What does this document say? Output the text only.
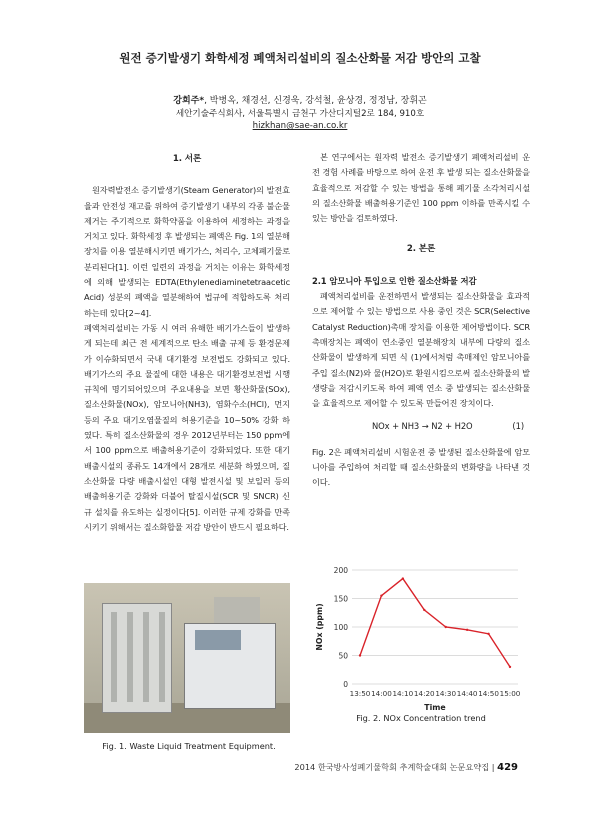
원전 증기발생기 화학세정 폐액처리설비의 질소산화물 저감 방안의 고찰
강희주*, 박병옥, 채경선, 신경욱, 강석철, 윤상경, 정정남, 장휘곤
세안기술주식회사, 서울특별시 금천구 가산디지털2로 184, 910호
hizkhan@sae-an.co.kr
1. 서론
원자력발전소 증기발생기(Steam Generator)의 발전효율과 안전성 재고를 위하여 증기발생기 내부의 각종 불순물 제거는 주기적으로 화학약품을 이용하여 세정하는 과정을 거치고 있다. 화학세정 후 발생되는 폐액은 Fig. 1의 열분해 장치를 이용 열분해시키면 배기가스, 처리수, 고체폐기물로 분리된다[1]. 이런 일련의 과정을 거치는 이유는 화학세정에 의해 발생되는 EDTA(Ethylenediaminetetraacetic Acid) 성분의 폐액을 열분해하여 법규에 적합하도록 처리하는데 있다[2~4].
폐액처리설비는 가동 시 여러 유해한 배기가스들이 발생하게 되는데 최근 전 세계적으로 탄소 배출 규제 등 환경문제가 이슈화되면서 국내 대기환경 보전법도 강화되고 있다. 배기가스의 주요 물질에 대한 내용은 대기환경보전법 시행규칙에 명기되어있으며 주요내용을 보면 황산화물(SOx), 질소산화물(NOx), 암모니아(NH3), 염화수소(HCl), 먼지 등의 주요 대기오염물질의 허용기준을 10~50% 강화 하였다. 특히 질소산화물의 경우 2012년부터는 150 ppm에서 100 ppm으로 배출허용기준이 강화되었다. 또한 대기배출시설의 종류도 14개에서 28개로 세분화 하였으며, 질소산화물 다량 배출시설인 대형 발전시설 및 보일러 등의 배출허용기준 강화와 더불어 탈질시설(SCR 및 SNCR) 신규 설치를 유도하는 실정이다[5]. 이러한 규제 강화를 만족시키기 위해서는 질소화합물 저감 방안이 반드시 필요하다.
Fig. 1. Waste Liquid Treatment Equipment.
본 연구에서는 원자력 발전소 증기발생기 폐액처리설비 운전 경험 사례를 바탕으로 하여 운전 후 발생 되는 질소산화물을 효율적으로 저감할 수 있는 방법을 통해 폐기물 소각처리시설의 질소산화물 배출허용기준인 100 ppm 이하를 만족시킬 수 있는 방안을 검토하였다.
2. 본론
2.1 암모니아 투입으로 인한 질소산화물 저감
폐액처리설비를 운전하면서 발생되는 질소산화물을 효과적으로 제어할 수 있는 방법으로 사용 중인 것은 SCR(Selective Catalyst Reduction)촉매 장치를 이용한 제어방법이다. SCR 촉매장치는 폐액이 연소중인 열분해장치 내부에 다량의 질소산화물이 발생하게 되면 식 (1)에서처럼 촉매제인 암모니아를 주입 질소(N2)와 물(H2O)로 환원시킴으로써 질소산화물의 발생량을 저감시키도록 하여 폐액 연소 중 발생되는 질소산화물을 효율적으로 제어할 수 있도록 만들어진 장치이다.
NOx + NH3 → N2 + H2O	(1)
Fig. 2은 폐액처리설비 시험운전 중 발생된 질소산화물에 암모니아를 주입하여 처리할 때 질소산화물의 변화량을 나타낸 것이다.
0
50
100
150
200
13:50 14:00 14:10 14:20 14:30 14:40 14:50 15:00
Time
NOx (ppm)
Fig. 2. NOx Concentration trend
2014 한국방사성폐기물학회 추계학술대회 논문요약집 | 429
